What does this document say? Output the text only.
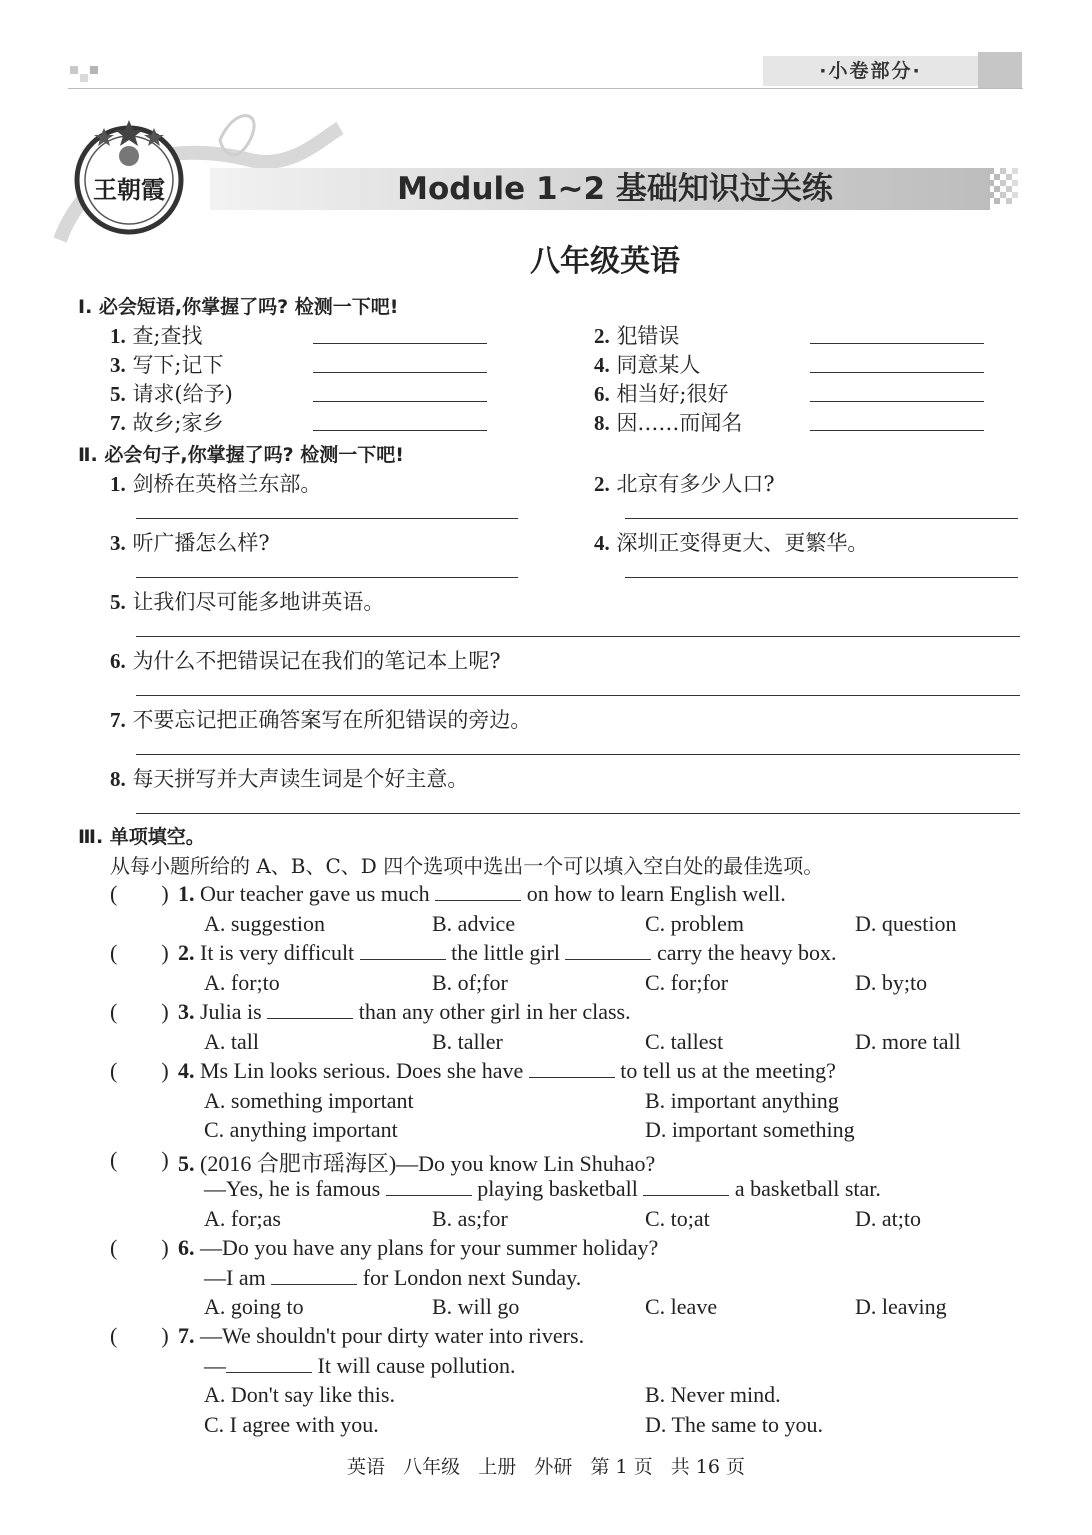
·小卷部分·
王朝霞	Module 1~2 基础知识过关练
八年级英语
Ⅰ. 必会短语,你掌握了吗? 检测一下吧!
1. 查;查找	2. 犯错误
3. 写下;记下	4. 同意某人
5. 请求(给予)	6. 相当好;很好
7. 故乡;家乡	8. 因……而闻名
Ⅱ. 必会句子,你掌握了吗? 检测一下吧!
1. 剑桥在英格兰东部。	2. 北京有多少人口?
3. 听广播怎么样?	4. 深圳正变得更大、更繁华。
5. 让我们尽可能多地讲英语。
6. 为什么不把错误记在我们的笔记本上呢?
7. 不要忘记把正确答案写在所犯错误的旁边。
8. 每天拼写并大声读生词是个好主意。
Ⅲ. 单项填空。
从每小题所给的 A、B、C、D 四个选项中选出一个可以填入空白处的最佳选项。
(        ) 1. Our teacher gave us much	on how to learn English well.
A. suggestion	B. advice	C. problem	D. question
(        ) 2. It is very difficult	the little girl	carry the heavy box.
A. for;to	B. of;for	C. for;for	D. by;to
(        ) 3. Julia is	than any other girl in her class.
A. tall	B. taller	C. tallest	D. more tall
(        ) 4. Ms Lin looks serious. Does she have	to tell us at the meeting?
A. something important	B. important anything
C. anything important	D. important something
(        ) 5. (2016 合肥市瑶海区)—Do you know Lin Shuhao?
—Yes, he is famous	playing basketball	a basketball star.
A. for;as	B. as;for	C. to;at	D. at;to
(        ) 6. —Do you have any plans for your summer holiday?
—I am	for London next Sunday.
A. going to	B. will go	C. leave	D. leaving
(        ) 7. —We shouldn't pour dirty water into rivers.
—	It will cause pollution.
A. Don't say like this.	B. Never mind.
C. I agree with you.	D. The same to you.
英语   八年级   上册   外研   第 1 页   共 16 页
